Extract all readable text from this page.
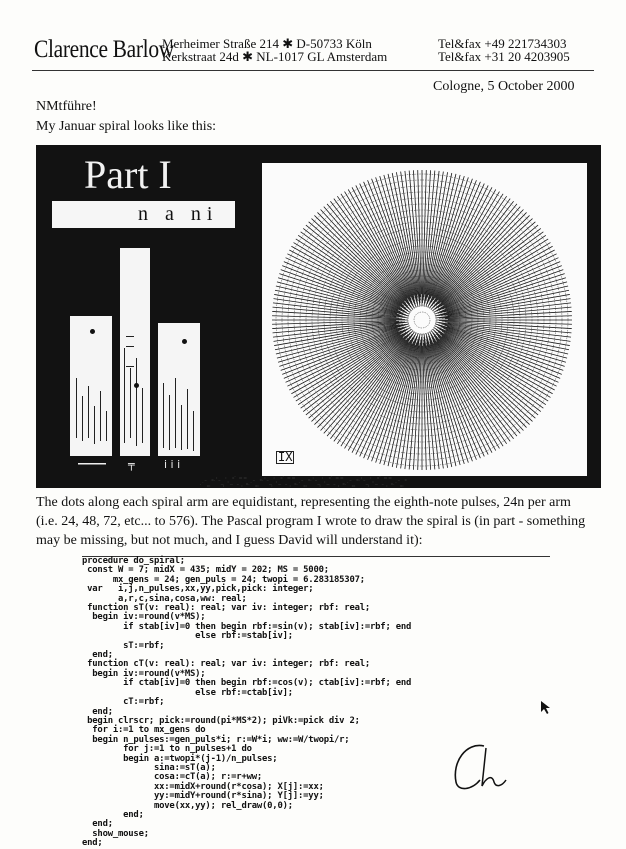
Clarence Barlow
Merheimer Straße 214 ✱ D-50733 Köln
Kerkstraat 24d ✱ NL-1017 GL Amsterdam
Tel&fax +49 221734303
Tel&fax +31 20 4203905
Cologne, 5 October 2000
NMtführe!
My Januar spiral looks like this:
Part I
n a ni
╤	i i i
IX
The dots along each spiral arm are equidistant, representing the eighth-note pulses, 24n per arm (i.e. 24, 48, 72, etc... to 576). The Pascal program I wrote to draw the spiral is (in part - something may be missing, but not much, and I guess David will understand it):
procedure do_spiral;
const W = 7; midX = 435; midY = 202; MS = 5000;
mx_gens = 24; gen_puls = 24; twopi = 6.283185307;
var   i,j,n_pulses,xx,yy,pick,pick: integer;
a,r,c,sina,cosa,ww: real;
function sT(v: real): real; var iv: integer; rbf: real;
begin iv:=round(v*MS);
if stab[iv]=0 then begin rbf:=sin(v); stab[iv]:=rbf; end
else rbf:=stab[iv];
sT:=rbf;
end;
function cT(v: real): real; var iv: integer; rbf: real;
begin iv:=round(v*MS);
if ctab[iv]=0 then begin rbf:=cos(v); ctab[iv]:=rbf; end
else rbf:=ctab[iv];
cT:=rbf;
end;
begin clrscr; pick:=round(pi*MS*2); piVk:=pick div 2;
for i:=1 to mx_gens do
begin n_pulses:=gen_puls*i; r:=W*i; ww:=W/twopi/r;
for j:=1 to n_pulses+1 do
begin a:=twopi*(j-1)/n_pulses;
sina:=sT(a);
cosa:=cT(a); r:=r+ww;
xx:=midX+round(r*cosa); X[j]:=xx;
yy:=midY+round(r*sina); Y[j]:=yy;
move(xx,yy); rel_draw(0,0);
end;
end;
show_mouse;
end;
